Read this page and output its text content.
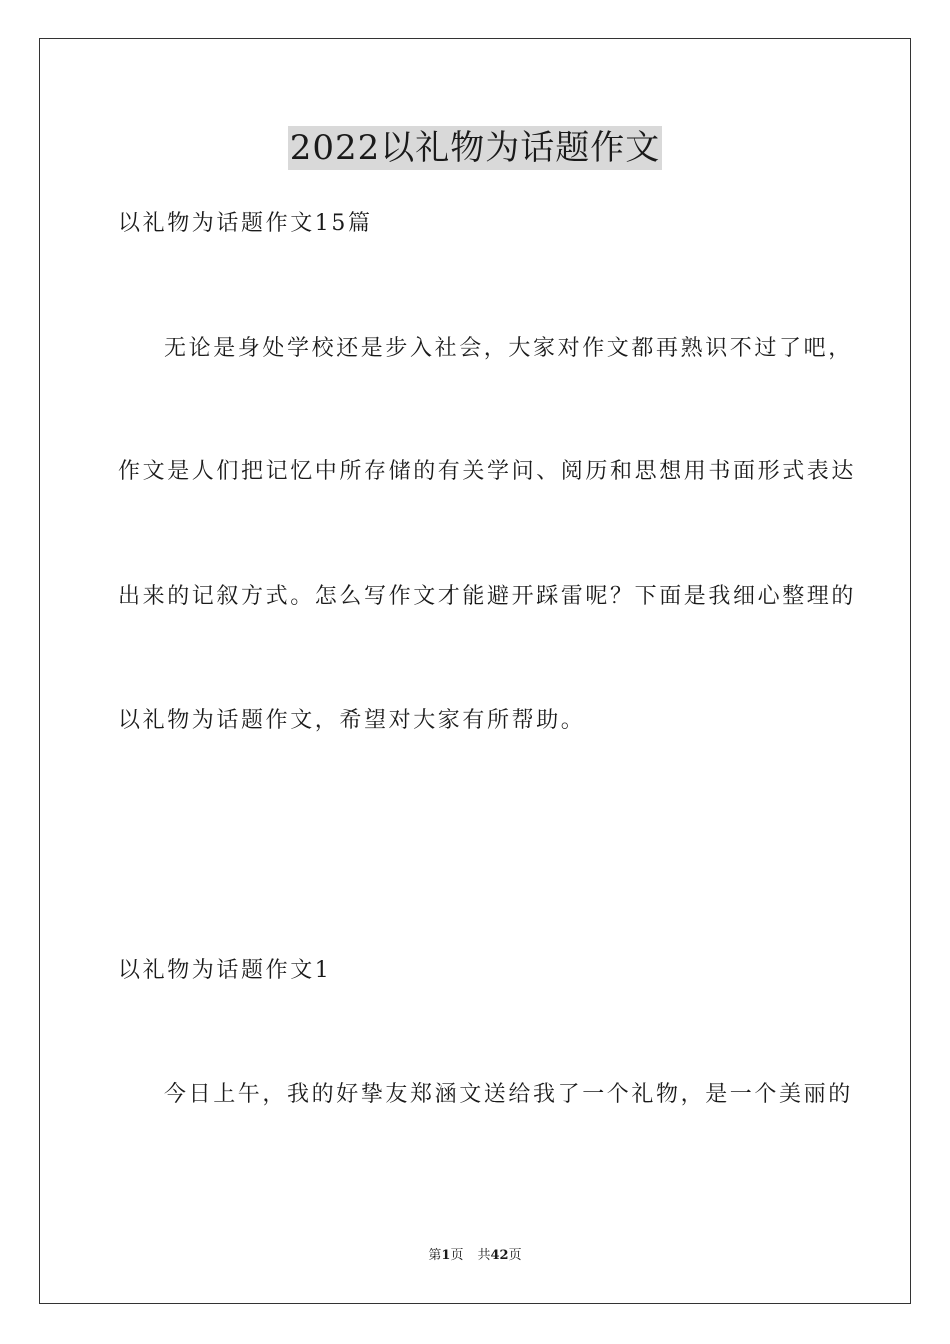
2022以礼物为话题作文
以礼物为话题作文15篇
无论是身处学校还是步入社会，大家对作文都再熟识不过了吧，
作文是人们把记忆中所存储的有关学问、阅历和思想用书面形式表达
出来的记叙方式。怎么写作文才能避开踩雷呢？下面是我细心整理的
以礼物为话题作文，希望对大家有所帮助。
以礼物为话题作文1
今日上午，我的好挚友郑涵文送给我了一个礼物，是一个美丽的
第1页 共42页
